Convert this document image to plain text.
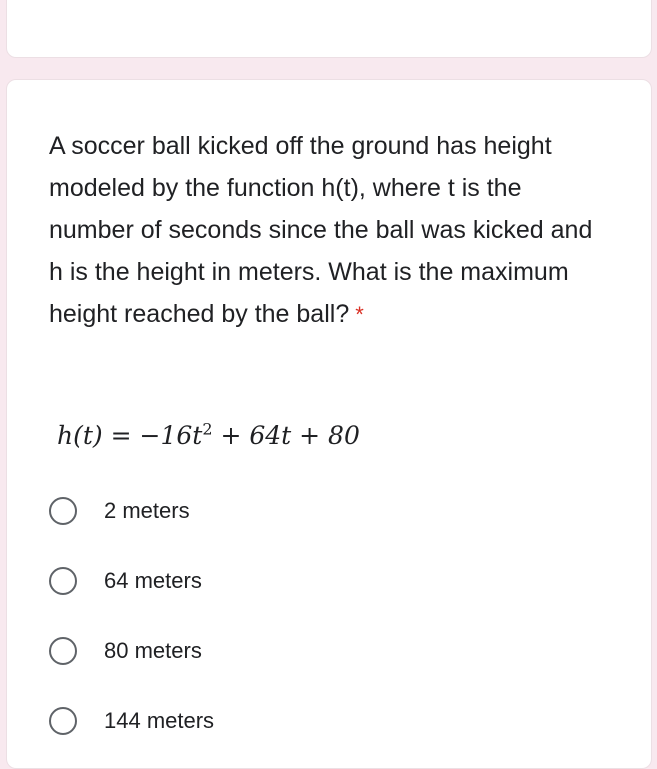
A soccer ball kicked off the ground has height modeled by the function h(t), where t is the number of seconds since the ball was kicked and h is the height in meters. What is the maximum height reached by the ball? *
$h(t) = -16t^2 + 64t + 80$
2 meters
64 meters
80 meters
144 meters
